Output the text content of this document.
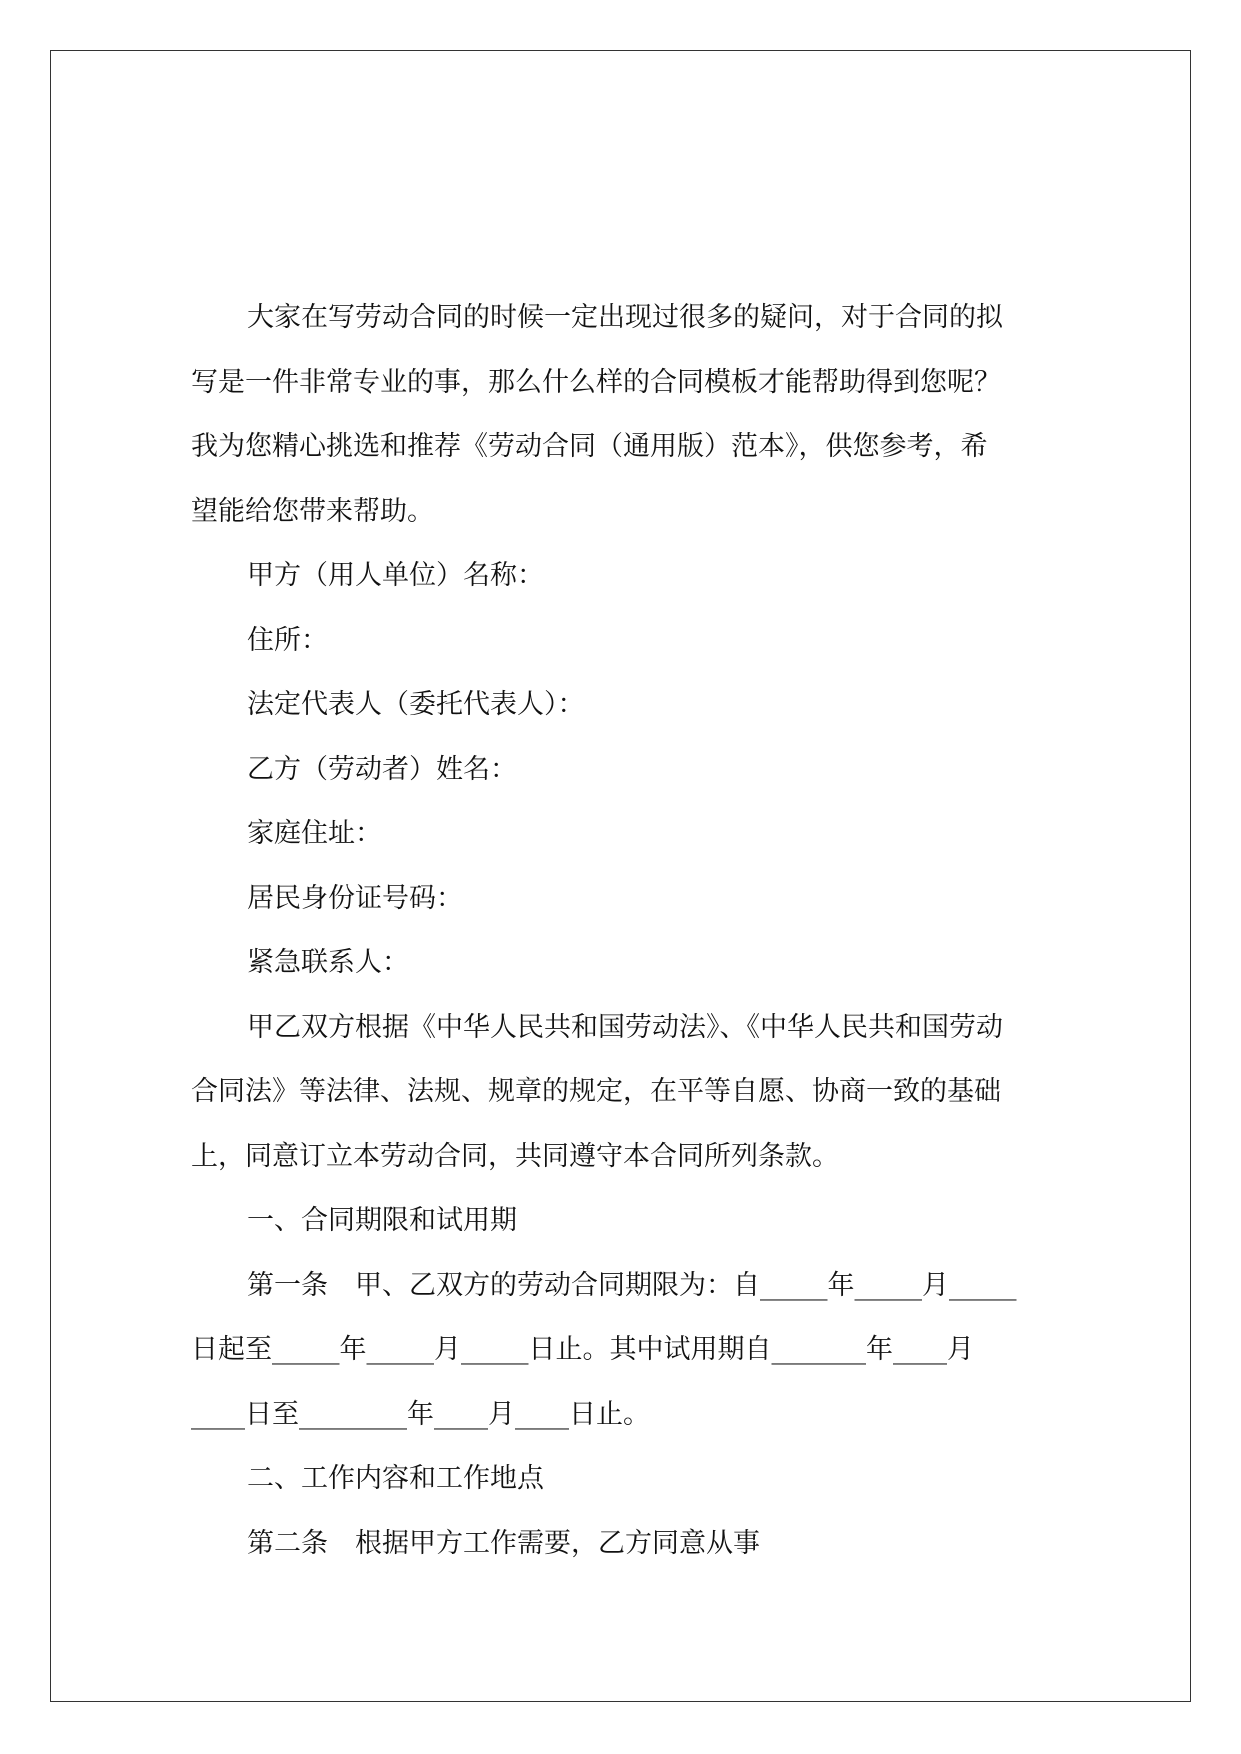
大家在写劳动合同的时候一定出现过很多的疑问，对于合同的拟

写是一件非常专业的事，那么什么样的合同模板才能帮助得到您呢？

我为您精心挑选和推荐《劳动合同（通用版）范本》，供您参考，希

望能给您带来帮助。

甲方（用人单位）名称：

住所：

法定代表人（委托代表人）：

乙方（劳动者）姓名：

家庭住址：

居民身份证号码：

紧急联系人：

甲乙双方根据《中华人民共和国劳动法》、《中华人民共和国劳动

合同法》等法律、法规、规章的规定，在平等自愿、协商一致的基础

上，同意订立本劳动合同，共同遵守本合同所列条款。

一、合同期限和试用期

第一条　甲、乙双方的劳动合同期限为：自_____年_____月_____

日起至_____年_____月_____日止。其中试用期自_______年____月

____日至________年____月____日止。

二、工作内容和工作地点

第二条　根据甲方工作需要，乙方同意从事
